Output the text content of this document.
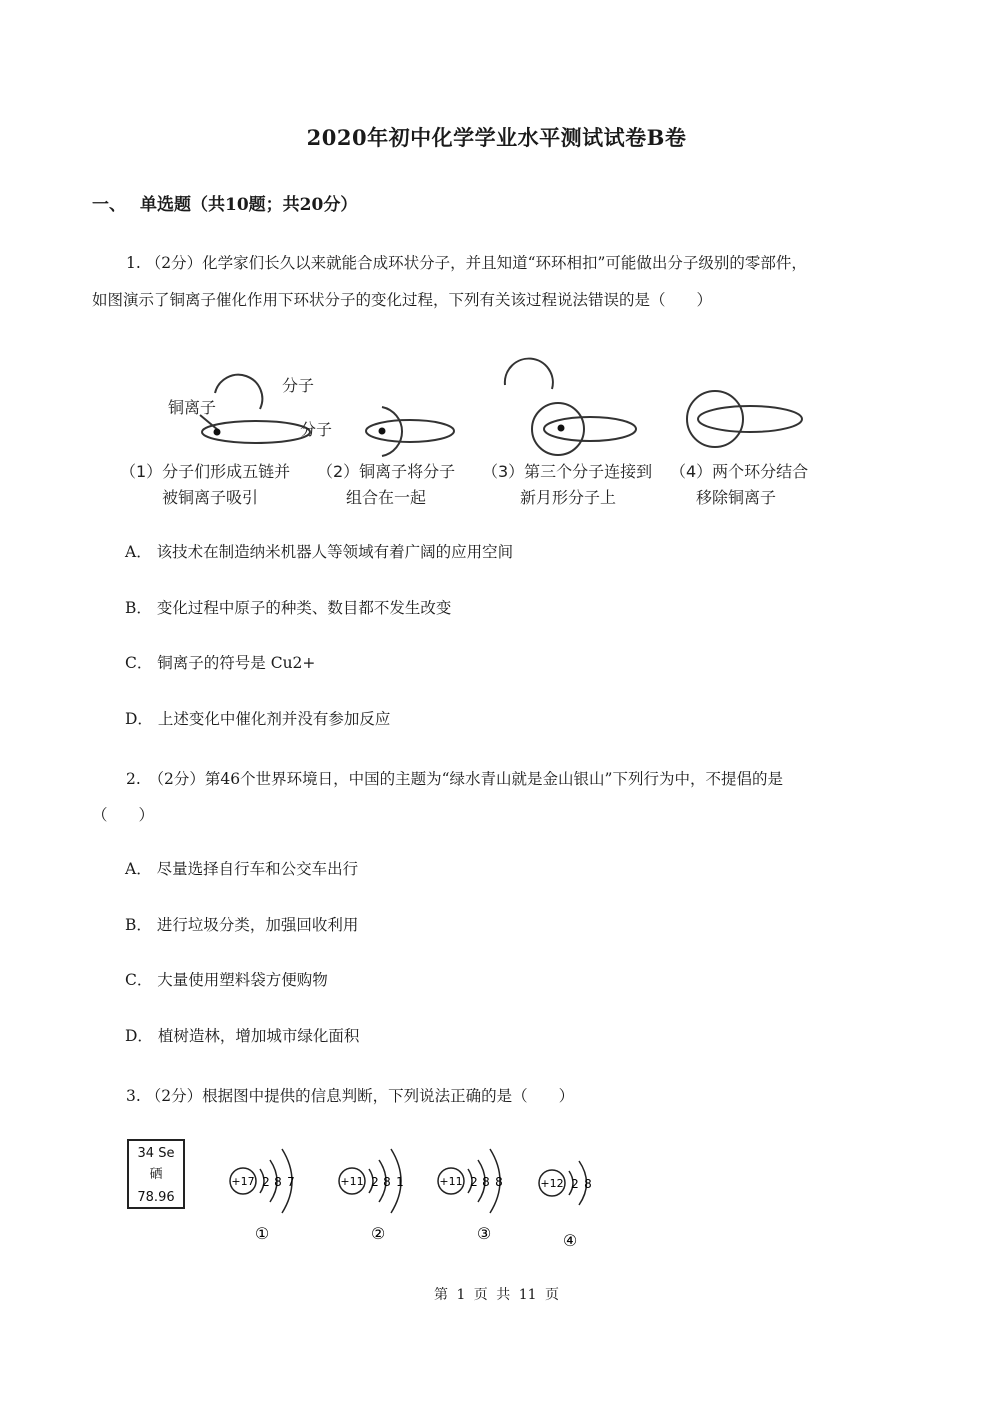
2020年初中化学学业水平测试试卷B卷
一、 单选题（共10题；共20分）
1. （2分）化学家们长久以来就能合成环状分子，并且知道“环环相扣”可能做出分子级别的零部件，
如图演示了铜离子催化作用下环状分子的变化过程，下列有关该过程说法错误的是（　　）
分子
铜离子
分子
（1）分子们形成五链并
被铜离子吸引
（2）铜离子将分子
组合在一起
（3）第三个分子连接到
新月形分子上
（4）两个环分结合
移除铜离子
A． 该技术在制造纳米机器人等领域有着广阔的应用空间
B． 变化过程中原子的种类、数目都不发生改变
C． 铜离子的符号是 Cu2+
D． 上述变化中催化剂并没有参加反应
2.　（2分）第46个世界环境日，中国的主题为“绿水青山就是金山银山”下列行为中，不提倡的是
（　　）
A． 尽量选择自行车和公交车出行
B． 进行垃圾分类，加强回收利用
C． 大量使用塑料袋方便购物
D． 植树造林，增加城市绿化面积
3. （2分）根据图中提供的信息判断，下列说法正确的是（　　）
34 Se
硒
78.96
+17 2 8 7
①
+11 2 8 1
②
+11 2 8 8
③
+12 2 8
④
第 1 页 共 11 页
